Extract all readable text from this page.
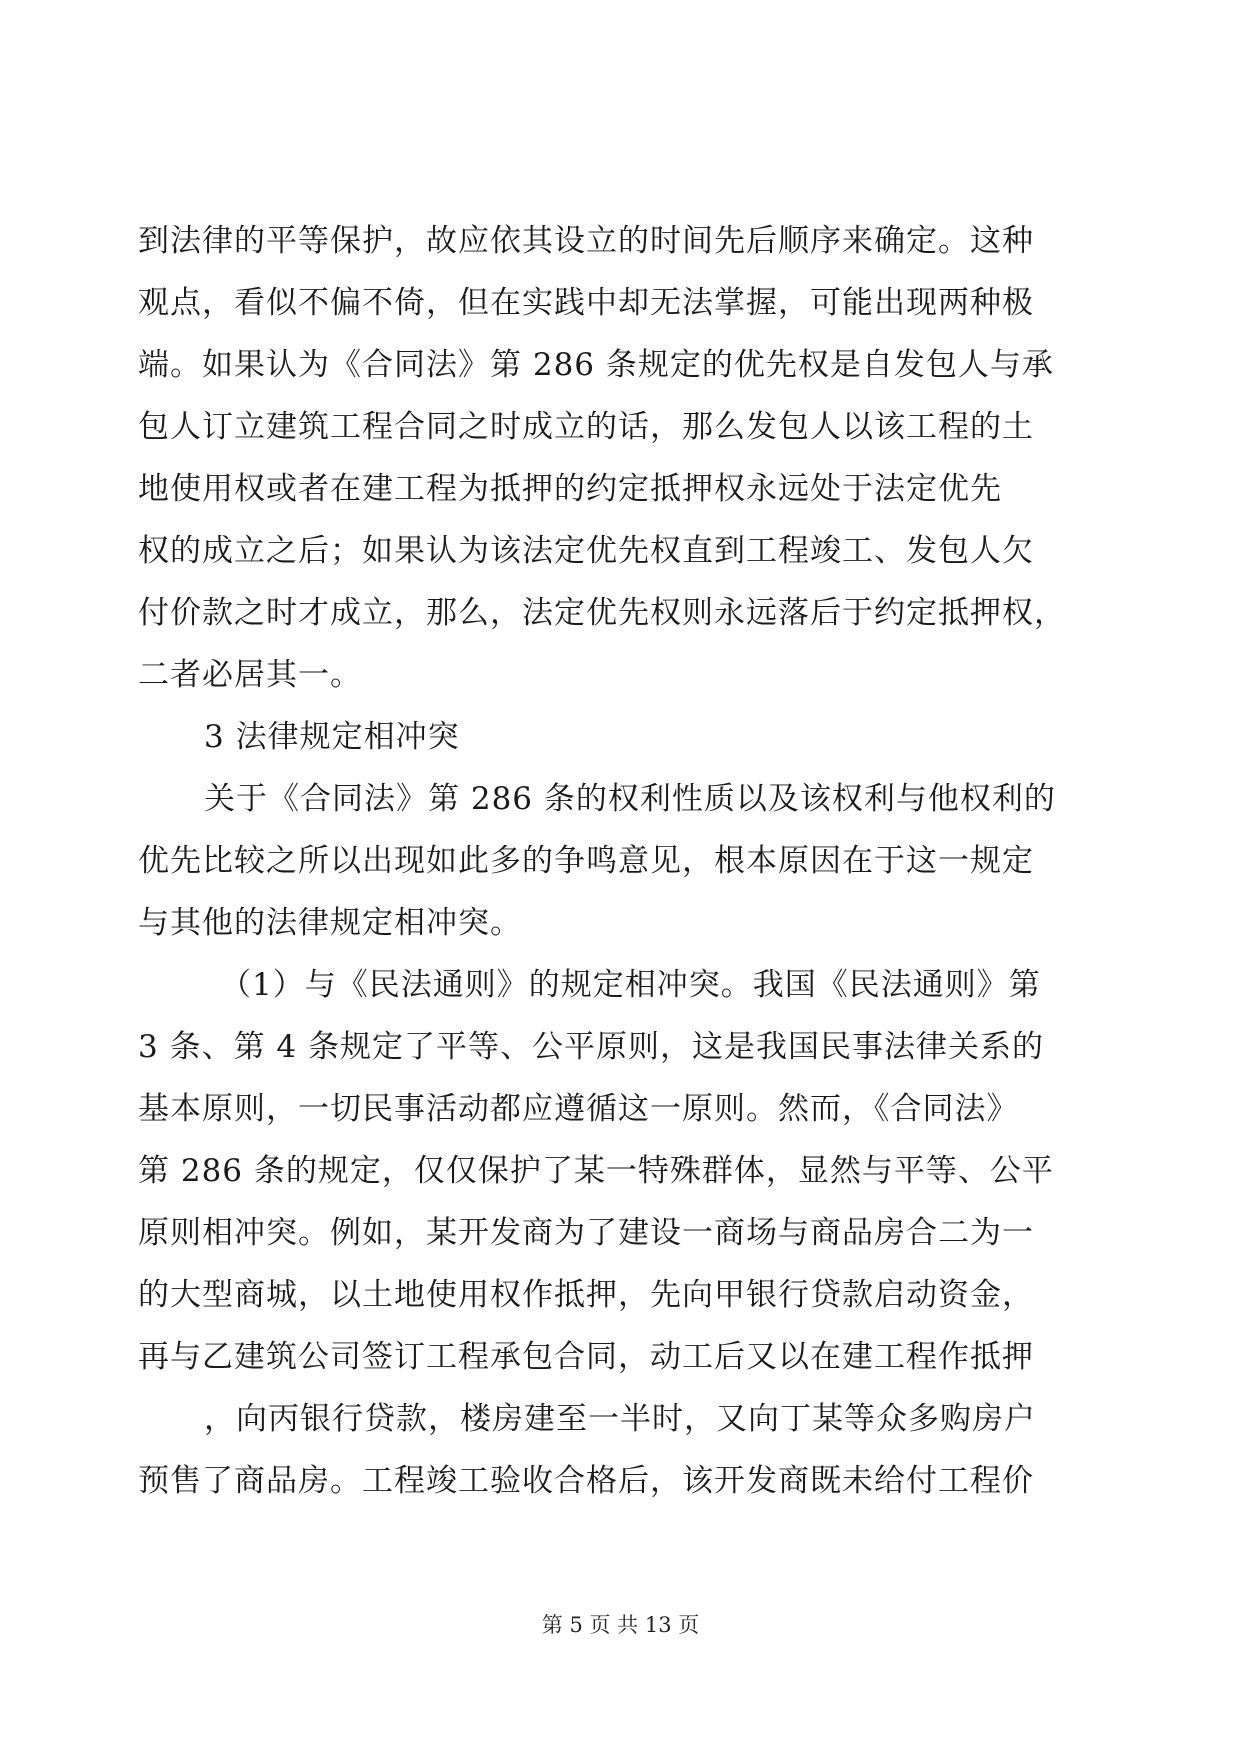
到法律的平等保护，故应依其设立的时间先后顺序来确定。这种
观点，看似不偏不倚，但在实践中却无法掌握，可能出现两种极
端。如果认为《合同法》第 286 条规定的优先权是自发包人与承
包人订立建筑工程合同之时成立的话，那么发包人以该工程的土
地使用权或者在建工程为抵押的约定抵押权永远处于法定优先
权的成立之后；如果认为该法定优先权直到工程竣工、发包人欠
付价款之时才成立，那么，法定优先权则永远落后于约定抵押权，
二者必居其一。
3 法律规定相冲突
关于《合同法》第 286 条的权利性质以及该权利与他权利的
优先比较之所以出现如此多的争鸣意见，根本原因在于这一规定
与其他的法律规定相冲突。
（1）与《民法通则》的规定相冲突。我国《民法通则》第
3 条、第 4 条规定了平等、公平原则，这是我国民事法律关系的
基本原则，一切民事活动都应遵循这一原则。然而，《合同法》
第 286 条的规定，仅仅保护了某一特殊群体，显然与平等、公平
原则相冲突。例如，某开发商为了建设一商场与商品房合二为一
的大型商城，以土地使用权作抵押，先向甲银行贷款启动资金，
再与乙建筑公司签订工程承包合同，动工后又以在建工程作抵押
，向丙银行贷款，楼房建至一半时，又向丁某等众多购房户
预售了商品房。工程竣工验收合格后，该开发商既未给付工程价
第 5 页 共 13 页
